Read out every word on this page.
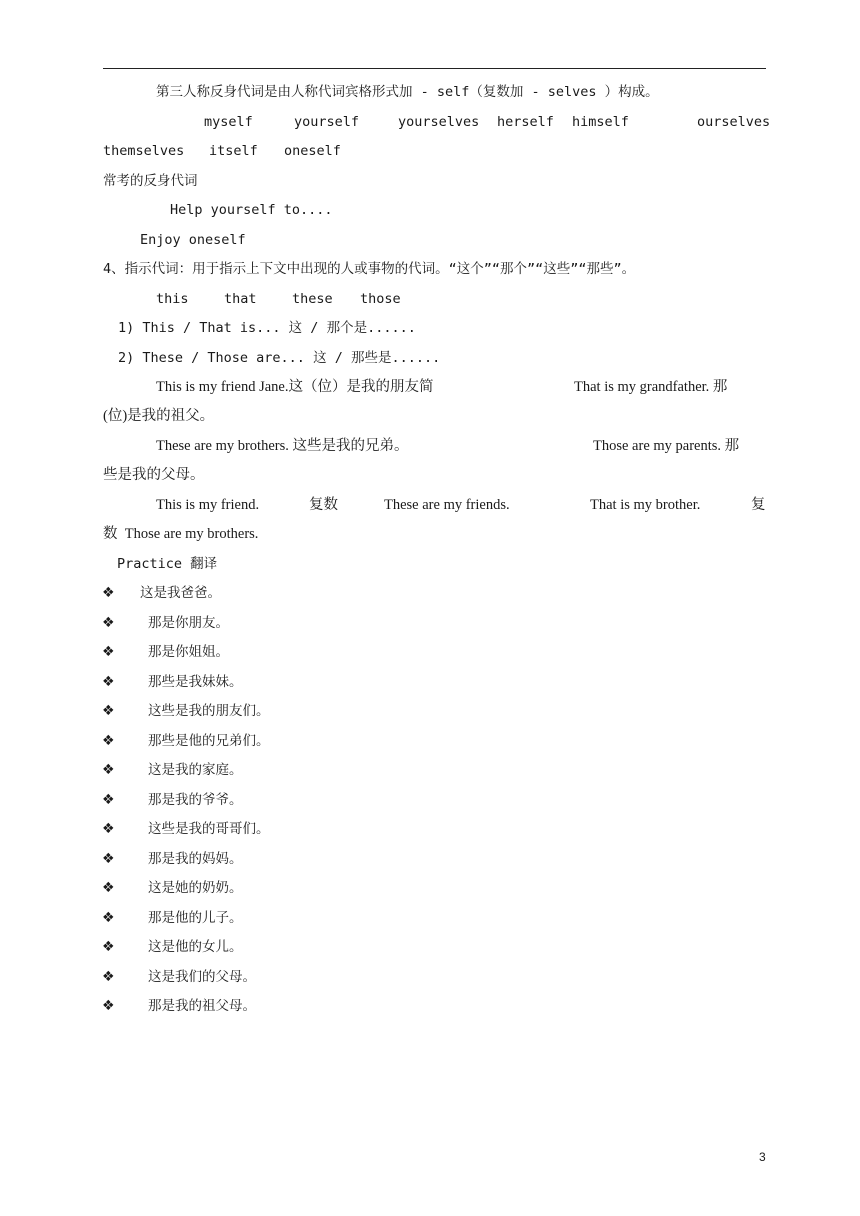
第三人称反身代词是由人称代词宾格形式加 - self（复数加 - selves ）构成。
myself	yourself	yourselves herself himself	ourselves
themselves itself oneself
常考的反身代词
Help yourself to....
Enjoy oneself
4、指示代词：用于指示上下文中出现的人或事物的代词。“这个”“那个”“这些”“那些”。
this	that	these those
1) This / That is... 这 / 那个是......
2) These / Those are... 这 / 那些是......
This is my friend Jane.这（位）是我的朋友简	That is my grandfather. 那
(位)是我的祖父。
These are my brothers. 这些是我的兄弟。	Those are my parents. 那
些是我的父母。
This is my friend.	复数	These are my friends.	That is my brother.	复
数  Those are my brothers.
Practice 翻译
❖ 这是我爸爸。
❖ 那是你朋友。
❖ 那是你姐姐。
❖ 那些是我妹妹。
❖ 这些是我的朋友们。
❖ 那些是他的兄弟们。
❖ 这是我的家庭。
❖ 那是我的爷爷。
❖ 这些是我的哥哥们。
❖ 那是我的妈妈。
❖ 这是她的奶奶。
❖ 那是他的儿子。
❖ 这是他的女儿。
❖ 这是我们的父母。
❖ 那是我的祖父母。
3
